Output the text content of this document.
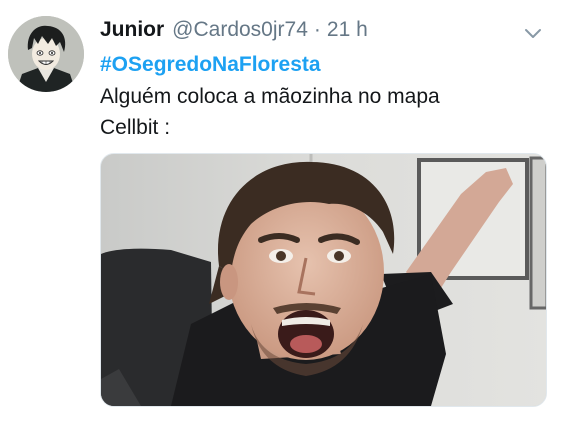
Junior @Cardos0jr74 · 21 h
#OSegredoNaFloresta
Alguém coloca a mãozinha no mapa
Cellbit :
